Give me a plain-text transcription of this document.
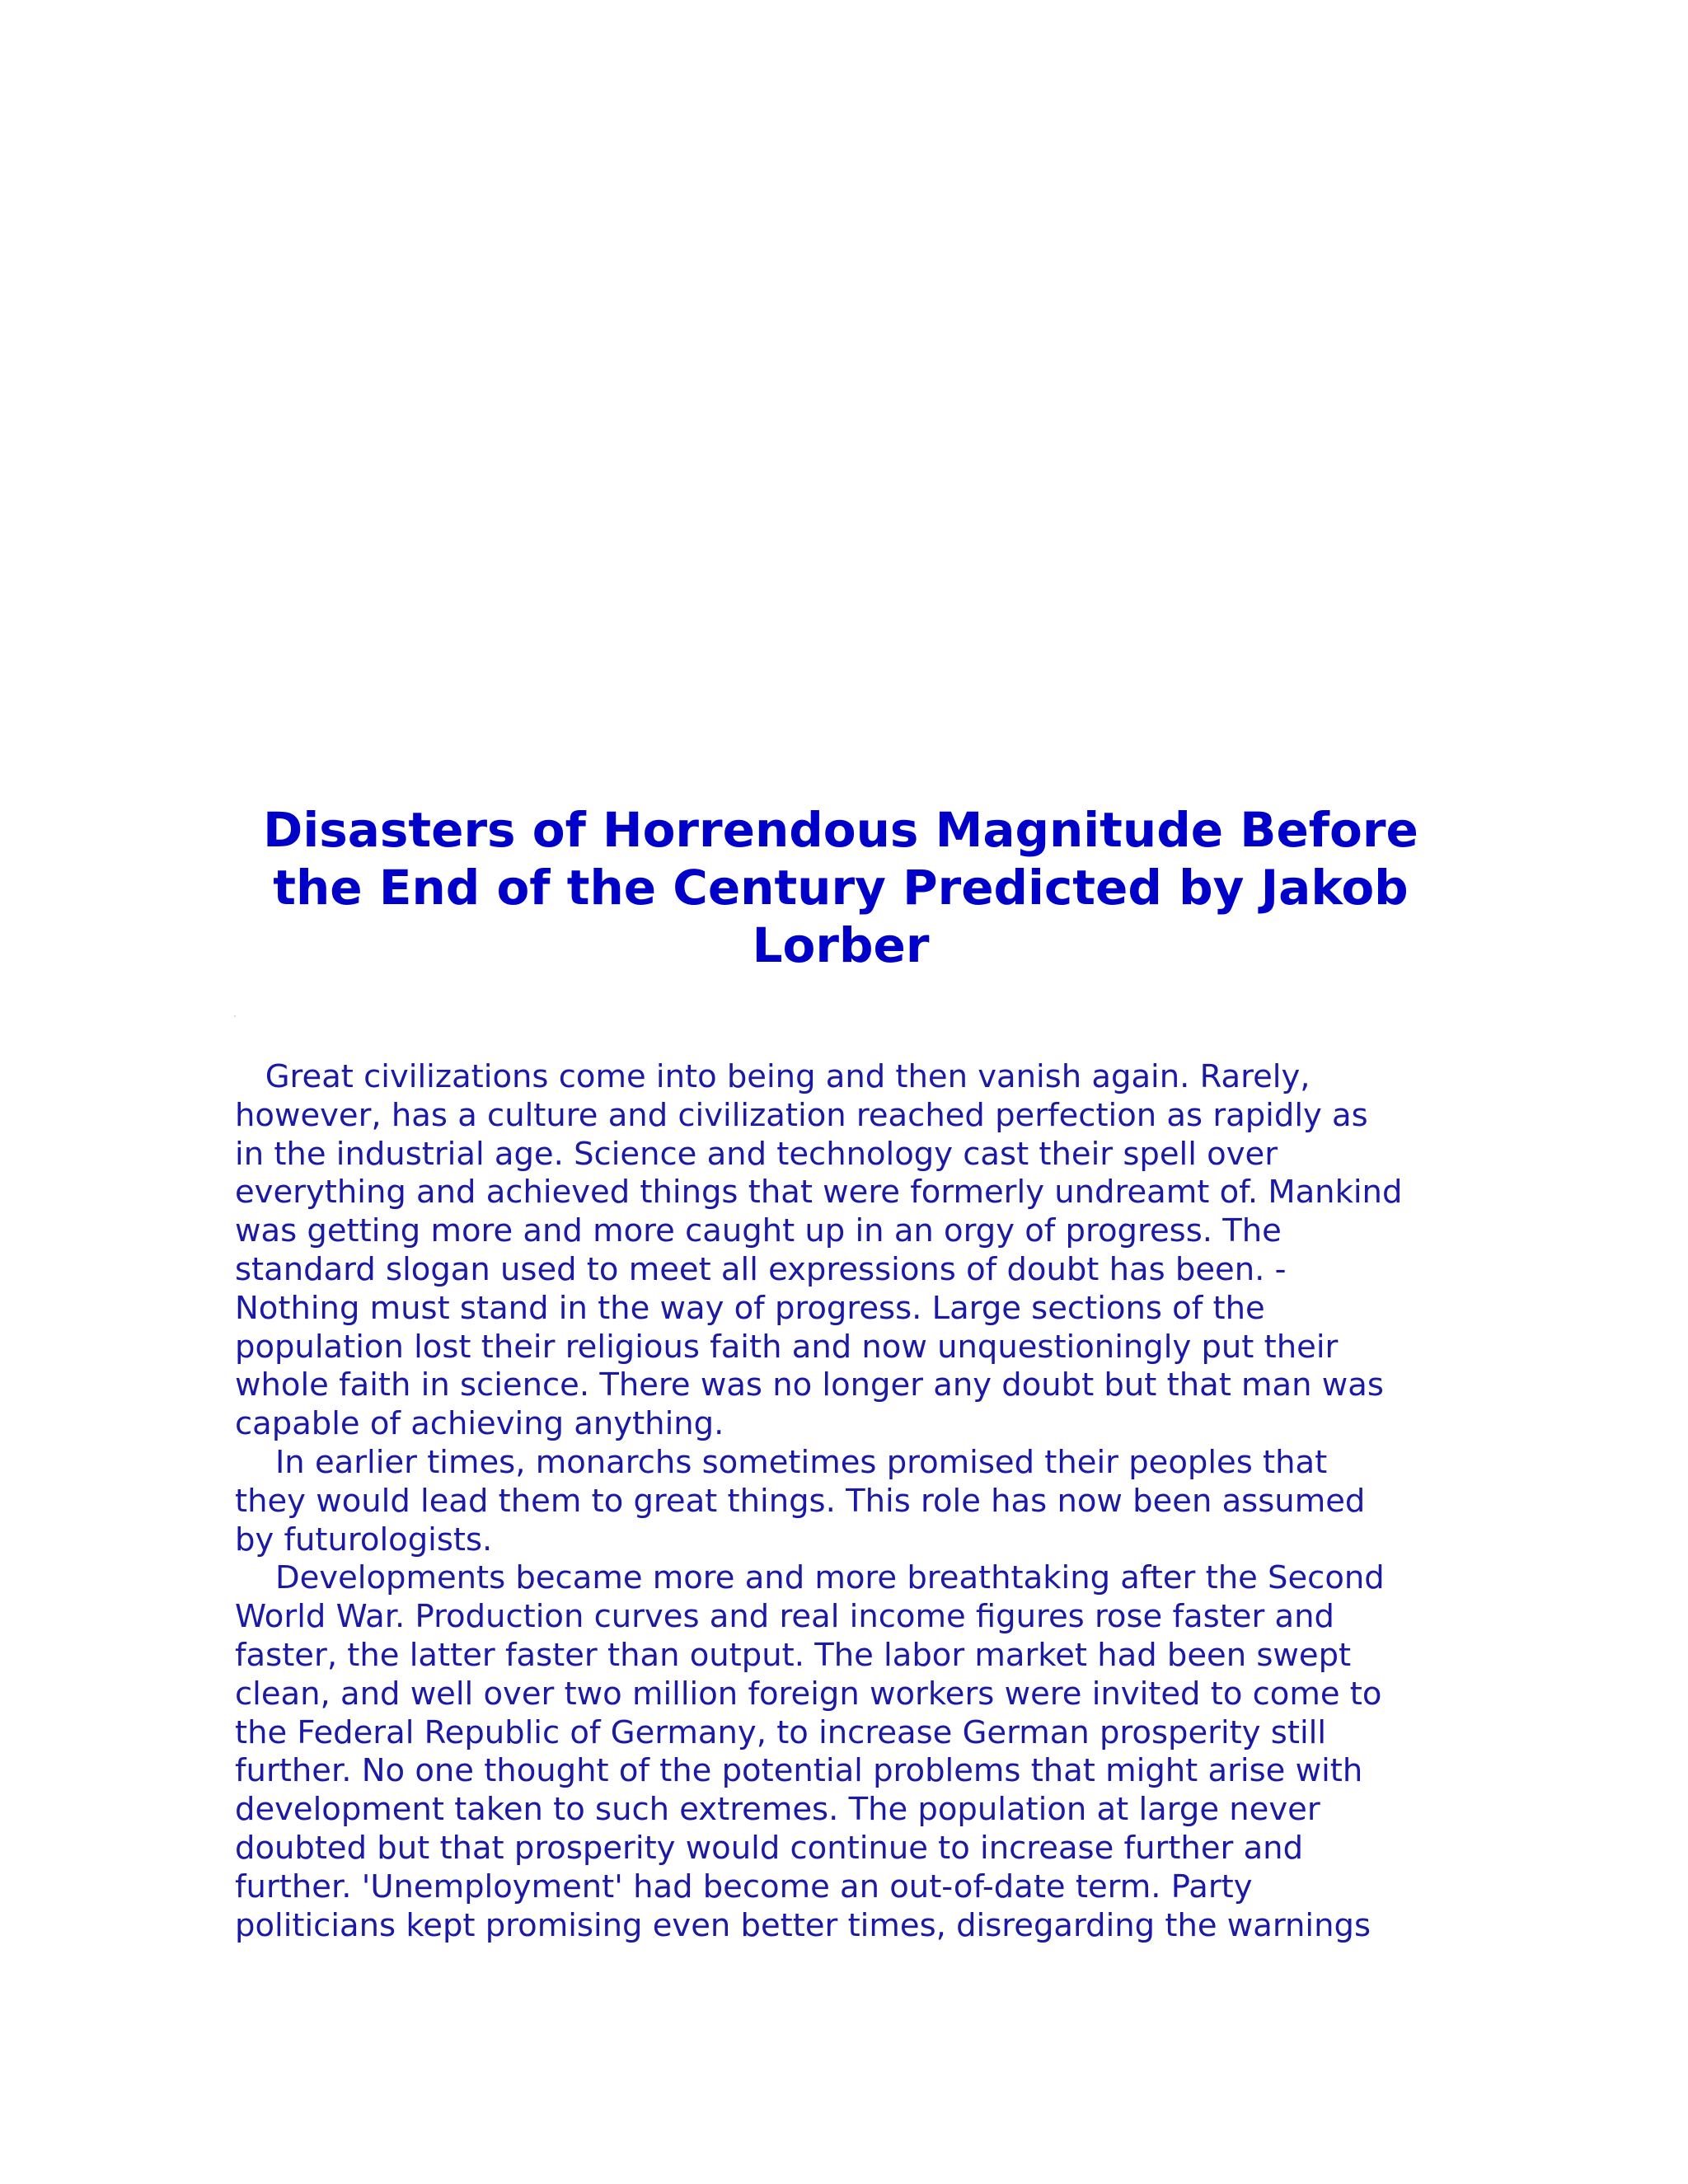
Disasters of Horrendous Magnitude Before the End of the Century Predicted by Jakob Lorber
Great civilizations come into being and then vanish again. Rarely,
however, has a culture and civilization reached perfection as rapidly as
in the industrial age. Science and technology cast their spell over
everything and achieved things that were formerly undreamt of. Mankind
was getting more and more caught up in an orgy of progress. The
standard slogan used to meet all expressions of doubt has been. -
Nothing must stand in the way of progress. Large sections of the
population lost their religious faith and now unquestioningly put their
whole faith in science. There was no longer any doubt but that man was
capable of achieving anything.
In earlier times, monarchs sometimes promised their peoples that
they would lead them to great things. This role has now been assumed
by futurologists.
Developments became more and more breathtaking after the Second
World War. Production curves and real income figures rose faster and
faster, the latter faster than output. The labor market had been swept
clean, and well over two million foreign workers were invited to come to
the Federal Republic of Germany, to increase German prosperity still
further. No one thought of the potential problems that might arise with
development taken to such extremes. The population at large never
doubted but that prosperity would continue to increase further and
further. 'Unemployment' had become an out-of-date term. Party
politicians kept promising even better times, disregarding the warnings
